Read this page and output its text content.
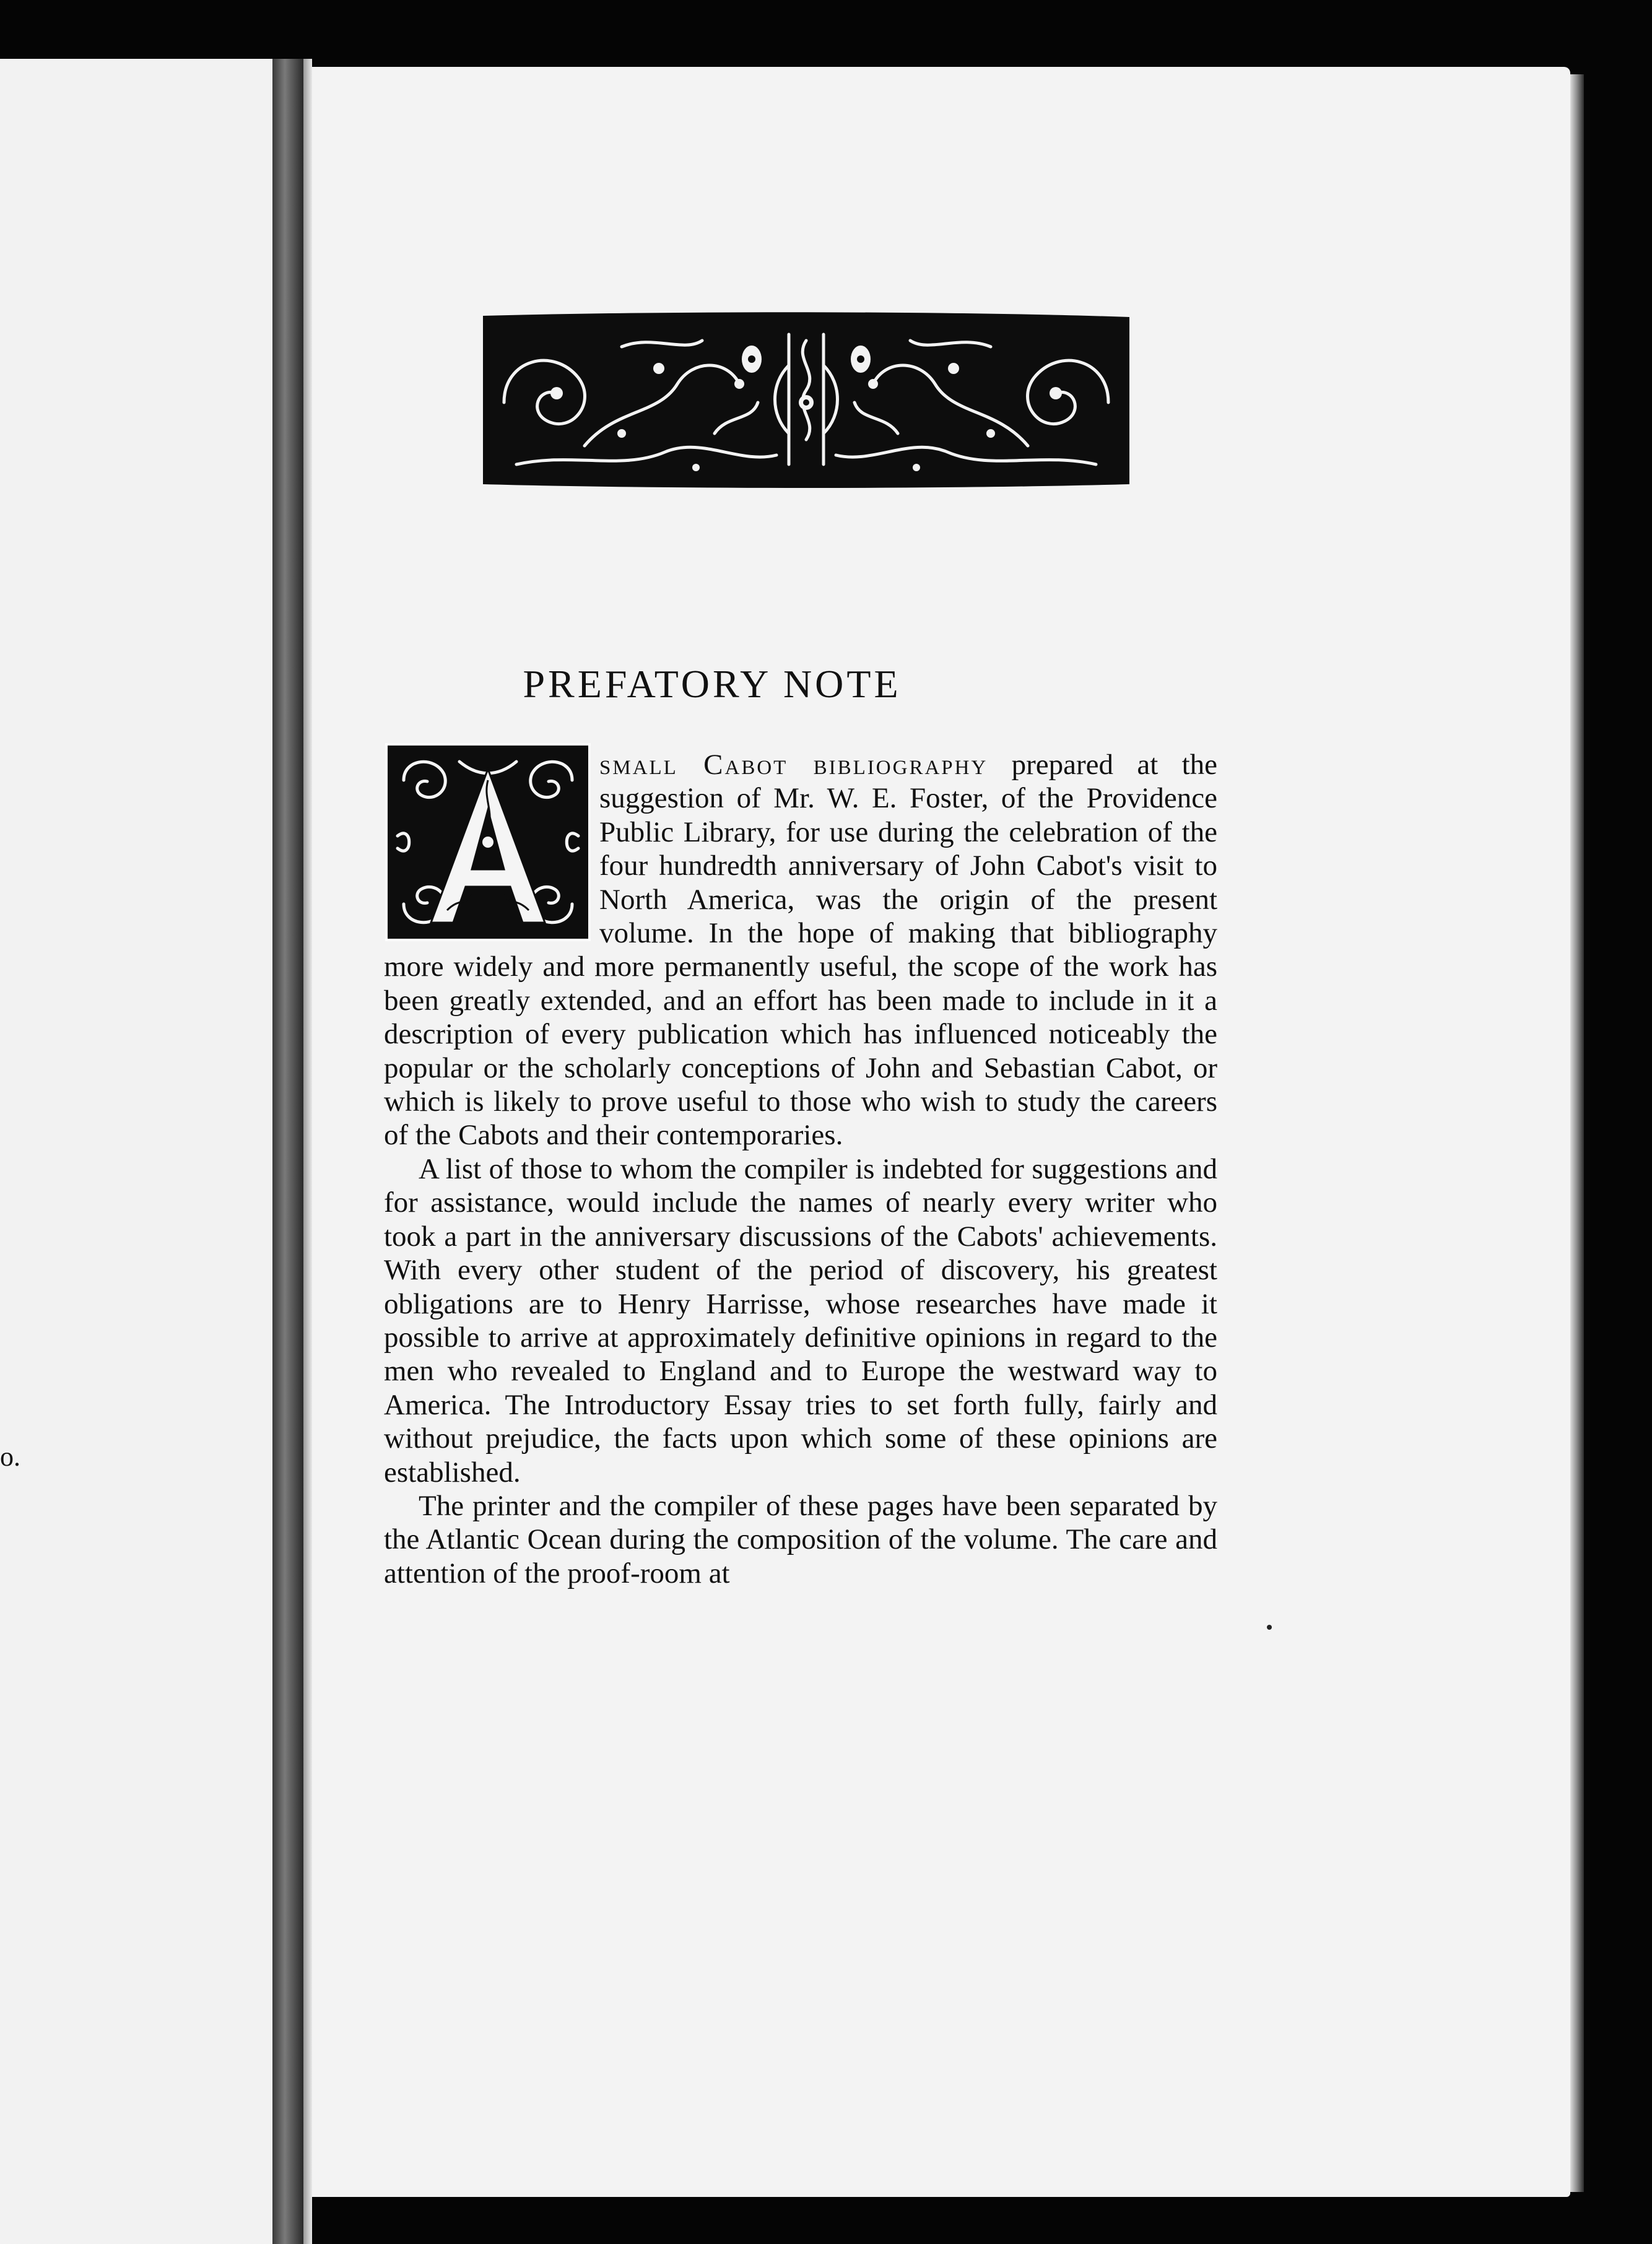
o.
PREFATORY NOTE

small Cabot bibliography prepared at the suggestion of Mr. W. E. Foster, of the Providence Public Library, for use during the celebration of the four hundredth anniversary of John Cabot's visit to North America, was the origin of the present volume. In the hope of making that bibliography more widely and more permanently useful, the scope of the work has been greatly extended, and an effort has been made to include in it a description of every publication which has influenced noticeably the popular or the scholarly conceptions of John and Sebastian Cabot, or which is likely to prove useful to those who wish to study the careers of the Cabots and their contemporaries.

A list of those to whom the compiler is indebted for suggestions and for assistance, would include the names of nearly every writer who took a part in the anniversary discussions of the Cabots' achievements. With every other student of the period of discovery, his greatest obligations are to Henry Harrisse, whose researches have made it possible to arrive at approximately definitive opinions in regard to the men who revealed to England and to Europe the westward way to America. The Introductory Essay tries to set forth fully, fairly and without prejudice, the facts upon which some of these opinions are established.

The printer and the compiler of these pages have been separated by the Atlantic Ocean during the composition of the volume. The care and attention of the proof-room at
